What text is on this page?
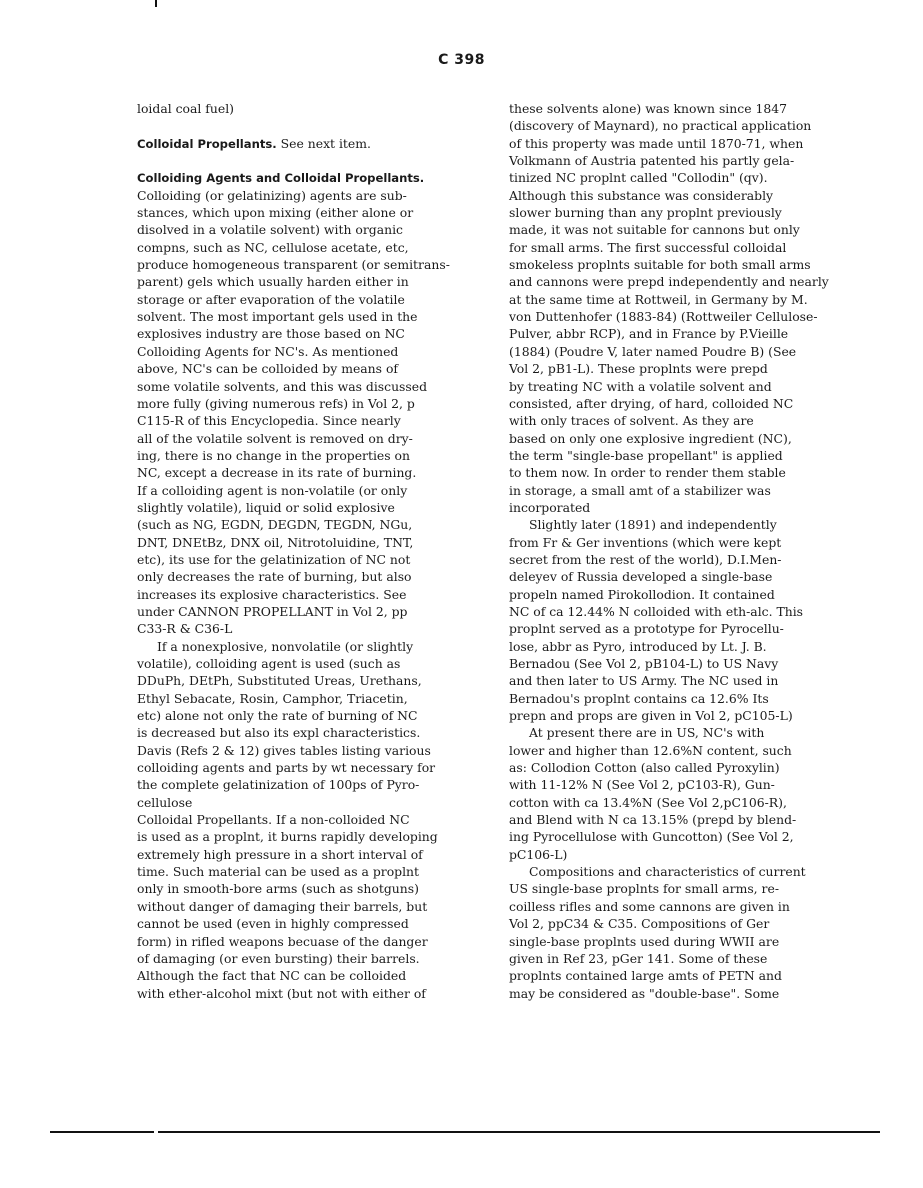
C 398
loidal coal fuel)
Colloidal Propellants. See next item.
Colloiding Agents and Colloidal Propellants.
Colloiding (or gelatinizing) agents are sub-
stances, which upon mixing (either alone or
disolved in a volatile solvent) with organic
compns, such as NC, cellulose acetate, etc,
produce homogeneous transparent (or semitrans-
parent) gels which usually harden either in
storage or after evaporation of the volatile
solvent. The most important gels used in the
explosives industry are those based on NC
Colloiding Agents for NC's. As mentioned
above, NC's can be colloided by means of
some volatile solvents, and this was discussed
more fully (giving numerous refs) in Vol 2, p
C115-R of this Encyclopedia. Since nearly
all of the volatile solvent is removed on dry-
ing, there is no change in the properties on
NC, except a decrease in its rate of burning.
If a colloiding agent is non-volatile (or only
slightly volatile), liquid or solid explosive
(such as NG, EGDN, DEGDN, TEGDN, NGu,
DNT, DNEtBz, DNX oil, Nitrotoluidine, TNT,
etc), its use for the gelatinization of NC not
only decreases the rate of burning, but also
increases its explosive characteristics. See
under CANNON PROPELLANT in Vol 2, pp
C33-R & C36-L
If a nonexplosive, nonvolatile (or slightly
volatile), colloiding agent is used (such as
DDuPh, DEtPh, Substituted Ureas, Urethans,
Ethyl Sebacate, Rosin, Camphor, Triacetin,
etc) alone not only the rate of burning of NC
is decreased but also its expl characteristics.
Davis (Refs 2 & 12) gives tables listing various
colloiding agents and parts by wt necessary for
the complete gelatinization of 100ps of Pyro-
cellulose
Colloidal Propellants. If a non-colloided NC
is used as a proplnt, it burns rapidly developing
extremely high pressure in a short interval of
time. Such material can be used as a proplnt
only in smooth-bore arms (such as shotguns)
without danger of damaging their barrels, but
cannot be used (even in highly compressed
form) in rifled weapons becuase of the danger
of damaging (or even bursting) their barrels.
Although the fact that NC can be colloided
with ether-alcohol mixt (but not with either of
these solvents alone) was known since 1847
(discovery of Maynard), no practical application
of this property was made until 1870-71, when
Volkmann of Austria patented his partly gela-
tinized NC proplnt called "Collodin" (qv).
Although this substance was considerably
slower burning than any proplnt previously
made, it was not suitable for cannons but only
for small arms. The first successful colloidal
smokeless proplnts suitable for both small arms
and cannons were prepd independently and nearly
at the same time at Rottweil, in Germany by M.
von Duttenhofer (1883-84) (Rottweiler Cellulose-
Pulver, abbr RCP), and in France by P.Vieille
(1884) (Poudre V, later named Poudre B) (See
Vol 2, pB1-L). These proplnts were prepd
by treating NC with a volatile solvent and
consisted, after drying, of hard, colloided NC
with only traces of solvent. As they are
based on only one explosive ingredient (NC),
the term "single-base propellant" is applied
to them now. In order to render them stable
in storage, a small amt of a stabilizer was
incorporated
Slightly later (1891) and independently
from Fr & Ger inventions (which were kept
secret from the rest of the world), D.I.Men-
deleyev of Russia developed a single-base
propeln named Pirokollodion. It contained
NC of ca 12.44% N colloided with eth-alc. This
proplnt served as a prototype for Pyrocellu-
lose, abbr as Pyro, introduced by Lt. J. B.
Bernadou (See Vol 2, pB104-L) to US Navy
and then later to US Army. The NC used in
Bernadou's proplnt contains ca 12.6% Its
prepn and props are given in Vol 2, pC105-L)
At present there are in US, NC's with
lower and higher than 12.6%N content, such
as: Collodion Cotton (also called Pyroxylin)
with 11-12% N (See Vol 2, pC103-R), Gun-
cotton with ca 13.4%N (See Vol 2,pC106-R),
and Blend with N ca 13.15% (prepd by blend-
ing Pyrocellulose with Guncotton) (See Vol 2,
pC106-L)
Compositions and characteristics of current
US single-base proplnts for small arms, re-
coilless rifles and some cannons are given in
Vol 2, ppC34 & C35. Compositions of Ger
single-base proplnts used during WWII are
given in Ref 23, pGer 141. Some of these
proplnts contained large amts of PETN and
may be considered as "double-base". Some
